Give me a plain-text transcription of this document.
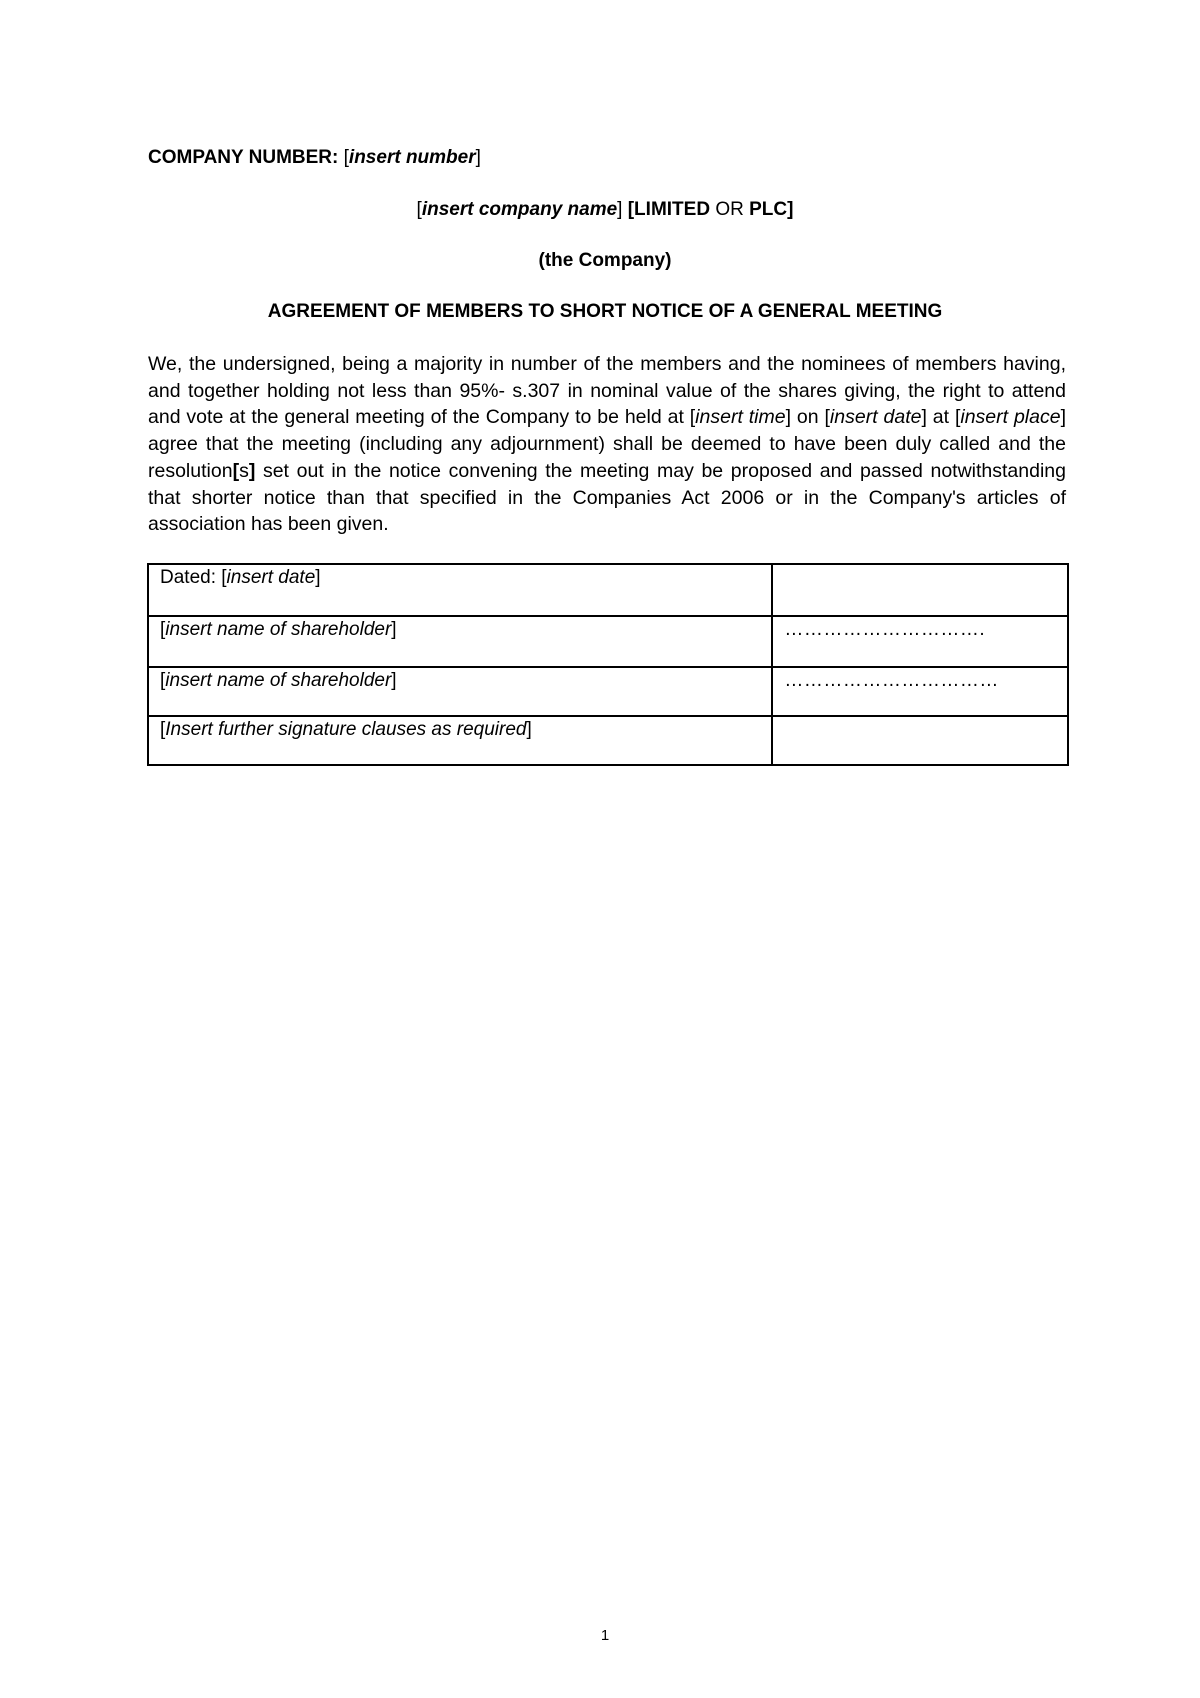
COMPANY NUMBER: [insert number]
[insert company name] [LIMITED OR PLC]
(the Company)
AGREEMENT OF MEMBERS TO SHORT NOTICE OF A GENERAL MEETING
We, the undersigned, being a majority in number of the members and the nominees of members having, and together holding not less than 95%- s.307 in nominal value of the shares giving, the right to attend and vote at the general meeting of the Company to be held at [insert time] on [insert date] at [insert place] agree that the meeting (including any adjournment) shall be deemed to have been duly called and the resolution[s] set out in the notice convening the meeting may be proposed and passed notwithstanding that shorter notice than that specified in the Companies Act 2006 or in the Company's articles of association has been given.
Dated: [insert date]	
[insert name of shareholder]	………………………….
[insert name of shareholder]	……………………………
[Insert further signature clauses as required]	
1
